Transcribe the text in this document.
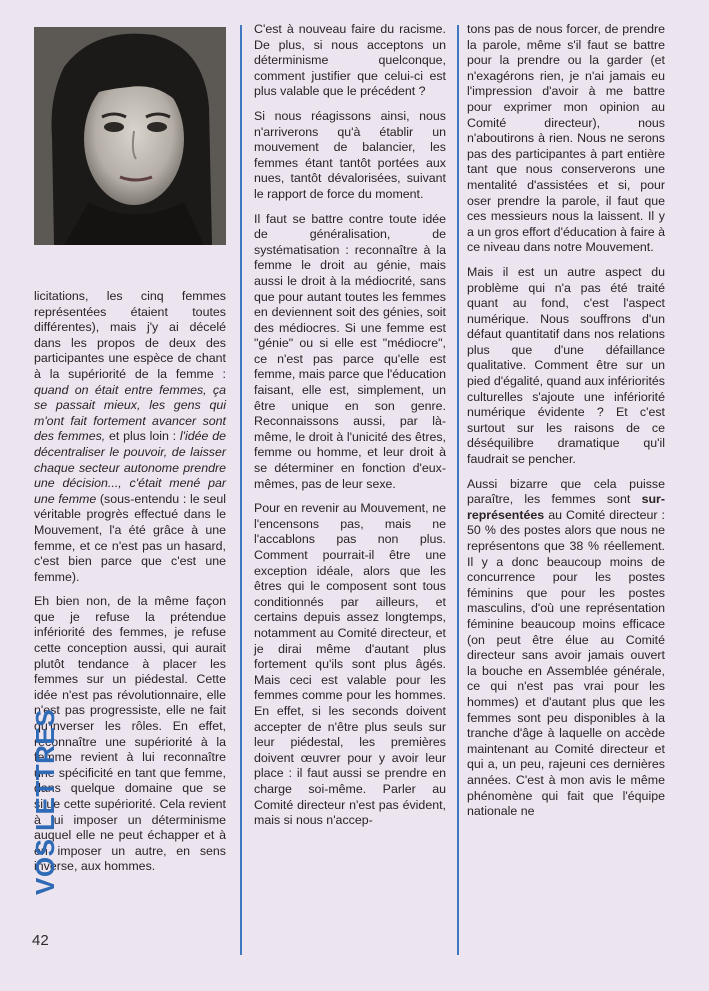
licitations, les cinq femmes représentées étaient toutes différentes), mais j'y ai décelé dans les propos de deux des participantes une espèce de chant à la supériorité de la femme : quand on était entre femmes, ça se passait mieux, les gens qui m'ont fait fortement avancer sont des femmes, et plus loin : l'idée de décentraliser le pouvoir, de laisser chaque secteur autonome prendre une décision..., c'était mené par une femme (sous-entendu : le seul véritable progrès effectué dans le Mouvement, l'a été grâce à une femme, et ce n'est pas un hasard, c'est bien parce que c'est une femme).

Eh bien non, de la même façon que je refuse la prétendue infériorité des femmes, je refuse cette conception aussi, qui aurait plutôt tendance à placer les femmes sur un piédestal. Cette idée n'est pas révolutionnaire, elle n'est pas progressiste, elle ne fait qu'inverser les rôles. En effet, reconnaître une supériorité à la femme revient à lui reconnaître une spécificité en tant que femme, dans quelque domaine que se situe cette supériorité. Cela revient à lui imposer un déterminisme auquel elle ne peut échapper et à en imposer un autre, en sens inverse, aux hommes.

C'est à nouveau faire du racisme. De plus, si nous acceptons un déterminisme quelconque, comment justifier que celui-ci est plus valable que le précédent ?

Si nous réagissons ainsi, nous n'arriverons qu'à établir un mouvement de balancier, les femmes étant tantôt portées aux nues, tantôt dévalorisées, suivant le rapport de force du moment.

Il faut se battre contre toute idée de généralisation, de systématisation : reconnaître à la femme le droit au génie, mais aussi le droit à la médiocrité, sans que pour autant toutes les femmes en deviennent soit des génies, soit des médiocres. Si une femme est "génie" ou si elle est "médiocre", ce n'est pas parce qu'elle est femme, mais parce que l'éducation faisant, elle est, simplement, un être unique en son genre. Reconnaissons aussi, par là-même, le droit à l'unicité des êtres, femme ou homme, et leur droit à se déterminer en fonction d'eux-mêmes, pas de leur sexe.

Pour en revenir au Mouvement, ne l'encensons pas, mais ne l'accablons pas non plus. Comment pourrait-il être une exception idéale, alors que les êtres qui le composent sont tous conditionnés par ailleurs, et certains depuis assez longtemps, notamment au Comité directeur, et je dirai même d'autant plus fortement qu'ils sont plus âgés. Mais ceci est valable pour les femmes comme pour les hommes. En effet, si les seconds doivent accepter de n'être plus seuls sur leur piédestal, les premières doivent œuvrer pour y avoir leur place : il faut aussi se prendre en charge soi-même. Parler au Comité directeur n'est pas évident, mais si nous n'accep-

tons pas de nous forcer, de prendre la parole, même s'il faut se battre pour la prendre ou la garder (et n'exagérons rien, je n'ai jamais eu l'impression d'avoir à me battre pour exprimer mon opinion au Comité directeur), nous n'aboutirons à rien. Nous ne serons pas des participantes à part entière tant que nous conserverons une mentalité d'assistées et si, pour oser prendre la parole, il faut que ces messieurs nous la laissent. Il y a un gros effort d'éducation à faire à ce niveau dans notre Mouvement.

Mais il est un autre aspect du problème qui n'a pas été traité quant au fond, c'est l'aspect numérique. Nous souffrons d'un défaut quantitatif dans nos relations plus que d'une défaillance qualitative. Comment être sur un pied d'égalité, quand aux infériorités culturelles s'ajoute une infériorité numérique évidente ? Et c'est surtout sur les raisons de ce déséquilibre dramatique qu'il faudrait se pencher.

Aussi bizarre que cela puisse paraître, les femmes sont surreprésentées au Comité directeur : 50 % des postes alors que nous ne représentons que 38 % réellement. Il y a donc beaucoup moins de concurrence pour les postes féminins que pour les postes masculins, d'où une représentation féminine beaucoup moins efficace (on peut être élue au Comité directeur sans avoir jamais ouvert la bouche en Assemblée générale, ce qui n'est pas vrai pour les hommes) et d'autant plus que les femmes sont peu disponibles à la tranche d'âge à laquelle on accède maintenant au Comité directeur et qui a, un peu, rajeuni ces dernières années. C'est à mon avis le même phénomène qui fait que l'équipe nationale ne

VOS LETTRES
42
